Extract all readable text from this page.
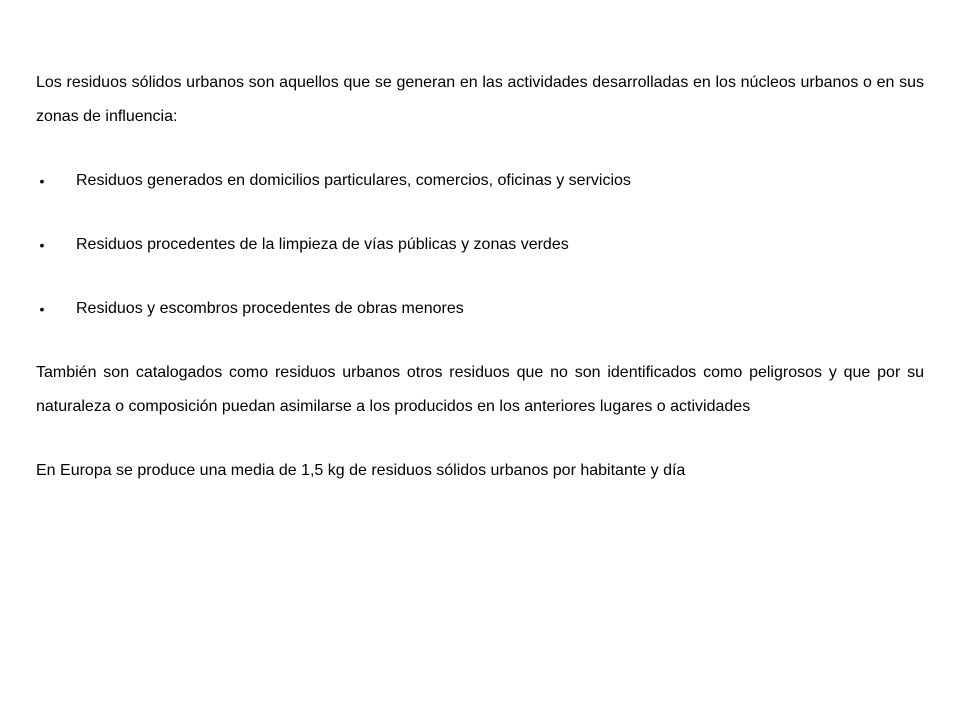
Los residuos sólidos urbanos son aquellos que se generan en las actividades desarrolladas en los núcleos urbanos o en sus zonas de influencia:

• Residuos generados en domicilios particulares, comercios, oficinas y servicios
• Residuos procedentes de la limpieza de vías públicas y zonas verdes
• Residuos y escombros procedentes de obras menores

También son catalogados como residuos urbanos otros residuos que no son identificados como peligrosos y que por su naturaleza o composición puedan asimilarse a los producidos en los anteriores lugares o actividades

En Europa se produce una media de 1,5 kg de residuos sólidos urbanos por habitante y día
